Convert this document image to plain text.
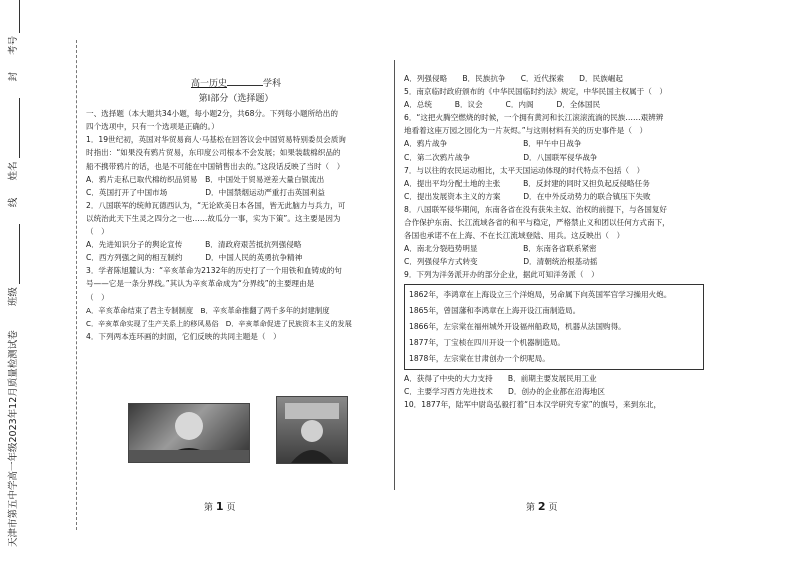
天津市第五中学高一年级2023年12月质量检测试卷  班级  线 姓名  封 考号

高一历史	学科

第Ⅰ部分（选择题）

一、选择题（本大题共34小题，每小题2分，共68分。下列每小题所给出的

四个选项中，只有一个选项是正确的。）

1．19世纪初，英国对华贸易商人·马基松在回答议会中国贸易特别委员会质询

时指出：“如果没有鸦片贸易，东印度公司根本不会发展；如果装载棉织品的

船不携带鸦片的话，也是不可能在中国销售出去的。”这段话反映了当时（　）

A．鸦片走私已取代棉纺织品贸易　B．中国处于贸易逆差大量白银流出

C．英国打开了中国市场　　　　　D．中国禁烟运动严重打击英国利益

2．八国联军的统帅瓦德西认为，“无论欧美日本各国，皆无此脑力与兵力，可

以统治此天下生灵之四分之一也……故瓜分一事，实为下策”。这主要是因为

（　）

A．先进知识分子的舆论宣传　　　B．清政府艰苦抵抗列强侵略

C．西方列强之间的相互制约　　　D．中国人民的英勇抗争精神

3．学者陈旭麓认为：“辛亥革命为2132年的历史打了一个用铁和血铸成的句

号——它是一条分界线。”其认为辛亥革命成为“分界线”的主要理由是

（　）

A．辛亥革命结束了君主专制制度　B．辛亥革命推翻了两千多年的封建制度

C．辛亥革命实现了生产关系上的移风易俗　D．辛亥革命促进了民族资本主义的发展

4．下列两本连环画的封面，它们反映的共同主题是（　）

第 1 页

A．列强侵略　　B．民族抗争　　C．近代探索　　D．民族崛起

5．南京临时政府颁布的《中华民国临时约法》规定，中华民国主权属于（　）

A．总统　　　B．议会　　　C．内阁　　　D．全体国民

6．“这把火腾空燃烧的时候，一个拥有黄河和长江滚滚流淌的民族……艰辨辨

地看着这座万园之园化为一片灰烬。”与这则材料有关的历史事件是（　）

A．鸦片战争　　　　　　　　　　B．甲午中日战争

C．第二次鸦片战争　　　　　　　D．八国联军侵华战争

7．与以往的农民运动相比，太平天国运动体现的时代特点不包括（　）

A．提出平均分配土地的主张　　　B．反封建的同时又担负起反侵略任务

C．提出发展资本主义的方案　　　D．在中外反动势力的联合镇压下失败

8．八国联军侵华期间，东南各省在没有获朱主奴、治权的前提下，与各国复好

合作保护东南、长江流域各省的和平与稳定，严格禁止义和团以任何方式南下，

各国也承诺不在上海、不在长江流域登陆、用兵。这反映出（　）

A．南北分裂趋势明显　　　　　　B．东南各省联系紧密

C．列强侵华方式转变　　　　　　D．清朝统治根基动摇

9．下列为洋务派开办的部分企业，据此可知洋务派（　）

1862年，李鸿章在上海设立三个洋炮局，另命属下向英国军官学习操用火炮。

1865年，曾国藩和李鸿章在上海开设江南制造局。

1866年，左宗棠在福州城外开设福州船政局，机器从法国购得。

1877年，丁宝桢在四川开设一个机器制造局。

1878年，左宗棠在甘肃创办一个织呢局。

A．获得了中央的大力支持　　B．前期主要发展民用工业

C．主要学习西方先进技术　　D．创办的企业都在沿海地区

10．1877年，陆军中尉岛弘毅打着“日本汉学研究专家”的旗号，来到东北，

第 2 页
